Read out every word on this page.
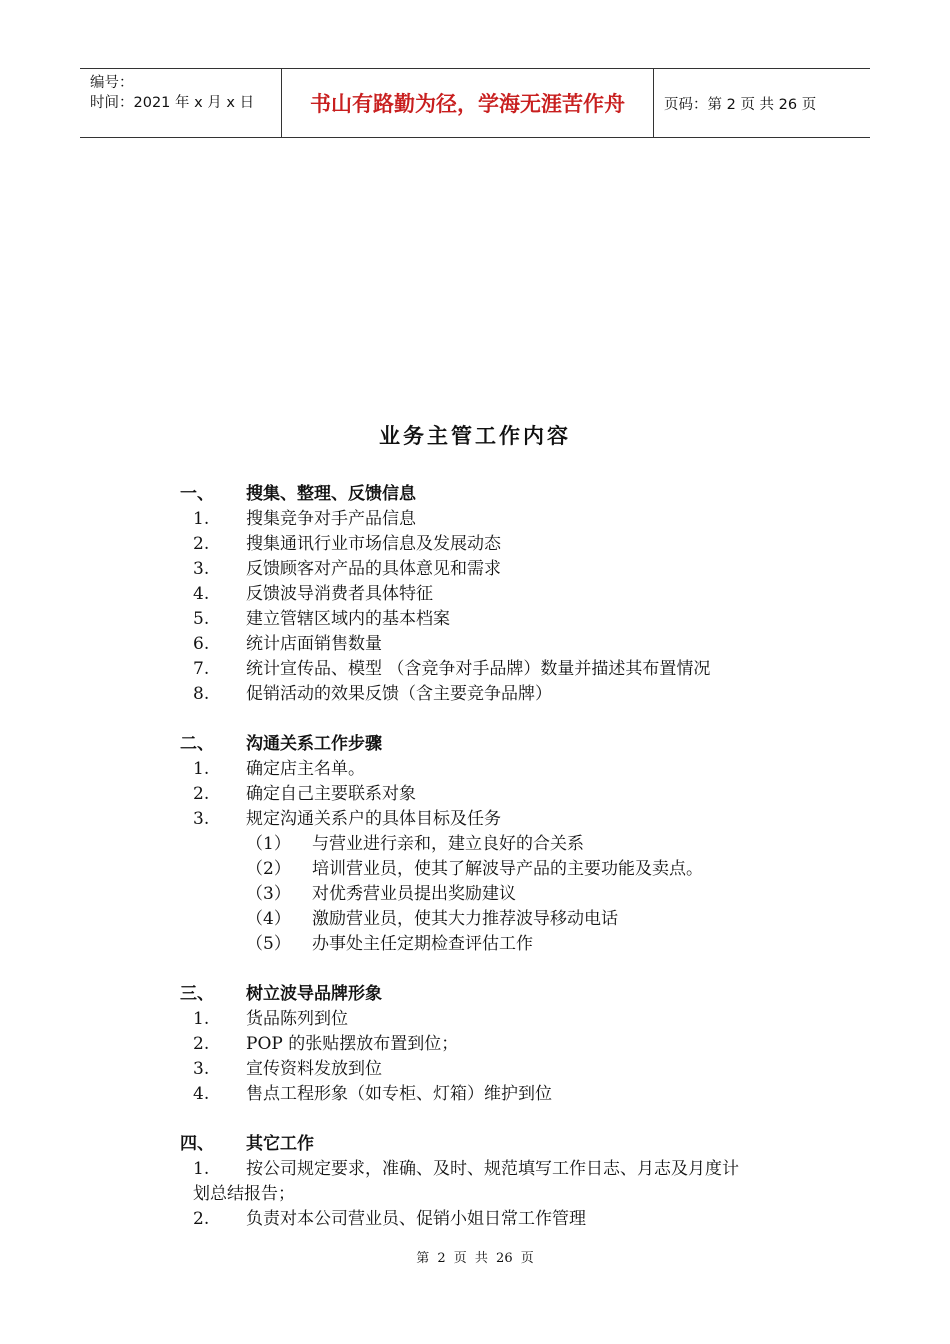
编号：
时间：2021 年 x 月 x 日	书山有路勤为径，学海无涯苦作舟	页码：第 2 页 共 26 页
业务主管工作内容
一、	搜集、整理、反馈信息
1.	搜集竞争对手产品信息
2.	搜集通讯行业市场信息及发展动态
3.	反馈顾客对产品的具体意见和需求
4.	反馈波导消费者具体特征
5.	建立管辖区域内的基本档案
6.	统计店面销售数量
7.	统计宣传品、模型 （含竞争对手品牌）数量并描述其布置情况
8.	促销活动的效果反馈（含主要竞争品牌）
二、	沟通关系工作步骤
1.	确定店主名单。
2.	确定自己主要联系对象
3.	规定沟通关系户的具体目标及任务
（1）	与营业进行亲和，建立良好的合关系
（2）	培训营业员，使其了解波导产品的主要功能及卖点。
（3）	对优秀营业员提出奖励建议
（4）	激励营业员，使其大力推荐波导移动电话
（5）	办事处主任定期检查评估工作
三、	树立波导品牌形象
1.	货品陈列到位
2.	POP 的张贴摆放布置到位；
3.	宣传资料发放到位
4.	售点工程形象（如专柜、灯箱）维护到位
四、	其它工作
1.	按公司规定要求，准确、及时、规范填写工作日志、月志及月度计
划总结报告；
2.	负责对本公司营业员、促销小姐日常工作管理
第 2 页 共 26 页
